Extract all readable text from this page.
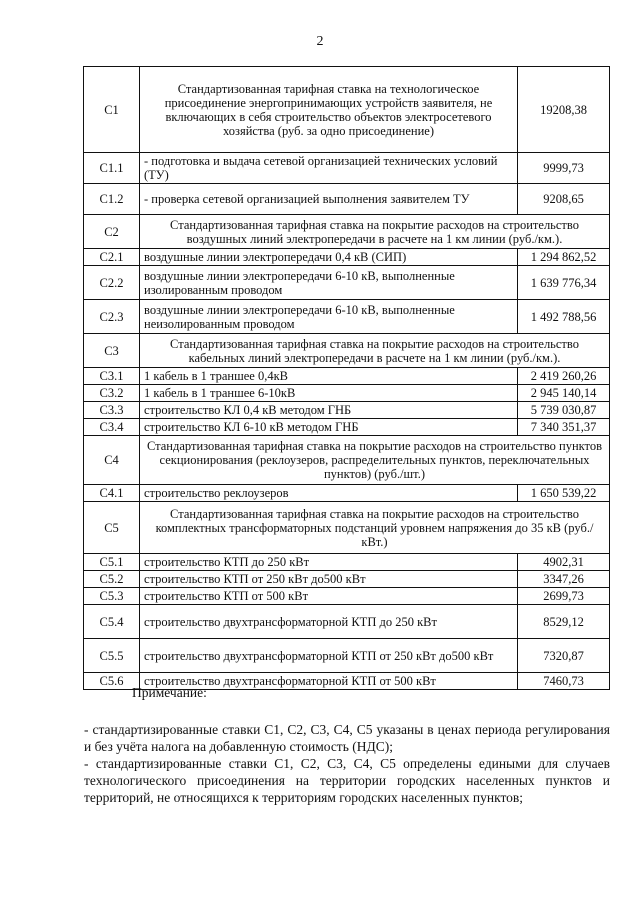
2
С1	Стандартизованная тарифная ставка на технологическое присоединение энергопринимающих устройств заявителя, не включающих в себя строительство объектов электросетевого хозяйства (руб. за одно присоединение)	19208,38
С1.1	- подготовка и выдача сетевой организацией технических условий (ТУ)	9999,73
С1.2	- проверка сетевой организацией выполнения заявителем ТУ	9208,65
С2	Стандартизованная тарифная ставка на покрытие расходов на строительство воздушных линий электропередачи в расчете на 1 км линии (руб./км.).	
С2.1	воздушные линии электропередачи 0,4 кВ (СИП)	1 294 862,52
С2.2	воздушные линии электропередачи 6-10 кВ, выполненные изолированным проводом	1 639 776,34
С2.3	воздушные линии электропередачи 6-10 кВ, выполненные неизолированным проводом	1 492 788,56
С3	Стандартизованная тарифная ставка на покрытие расходов на строительство кабельных линий электропередачи в расчете на 1 км линии (руб./км.).	
С3.1	1 кабель в 1 траншее 0,4кВ	2 419 260,26
С3.2	1 кабель в 1 траншее 6-10кВ	2 945 140,14
С3.3	строительство КЛ 0,4 кВ методом ГНБ	5 739 030,87
С3.4	строительство КЛ 6-10 кВ методом ГНБ	7 340 351,37
С4	Стандартизованная тарифная ставка на покрытие расходов на строительство пунктов секционирования (реклоузеров, распределительных пунктов, переключательных пунктов) (руб./шт.)	
С4.1	строительство реклоузеров	1 650 539,22
С5	Стандартизованная тарифная ставка на покрытие расходов на строительство комплектных трансформаторных подстанций уровнем напряжения до 35 кВ (руб./кВт.)	
С5.1	строительство КТП до 250 кВт	4902,31
С5.2	строительство КТП от 250 кВт до500 кВт	3347,26
С5.3	строительство КТП от 500 кВт	2699,73
С5.4	строительство двухтрансформаторной КТП до 250 кВт	8529,12
С5.5	строительство двухтрансформаторной КТП от 250 кВт до500 кВт	7320,87
С5.6	строительство двухтрансформаторной КТП от 500 кВт	7460,73
Примечание:

- стандартизированные ставки С1, С2, С3, С4, С5 указаны в ценах периода регулирования и без учёта налога на добавленную стоимость (НДС);

- стандартизированные ставки С1, С2, С3, С4, С5 определены едиными для случаев технологического присоединения на территории городских населенных пунктов и территорий, не относящихся к территориям городских населенных пунктов;
